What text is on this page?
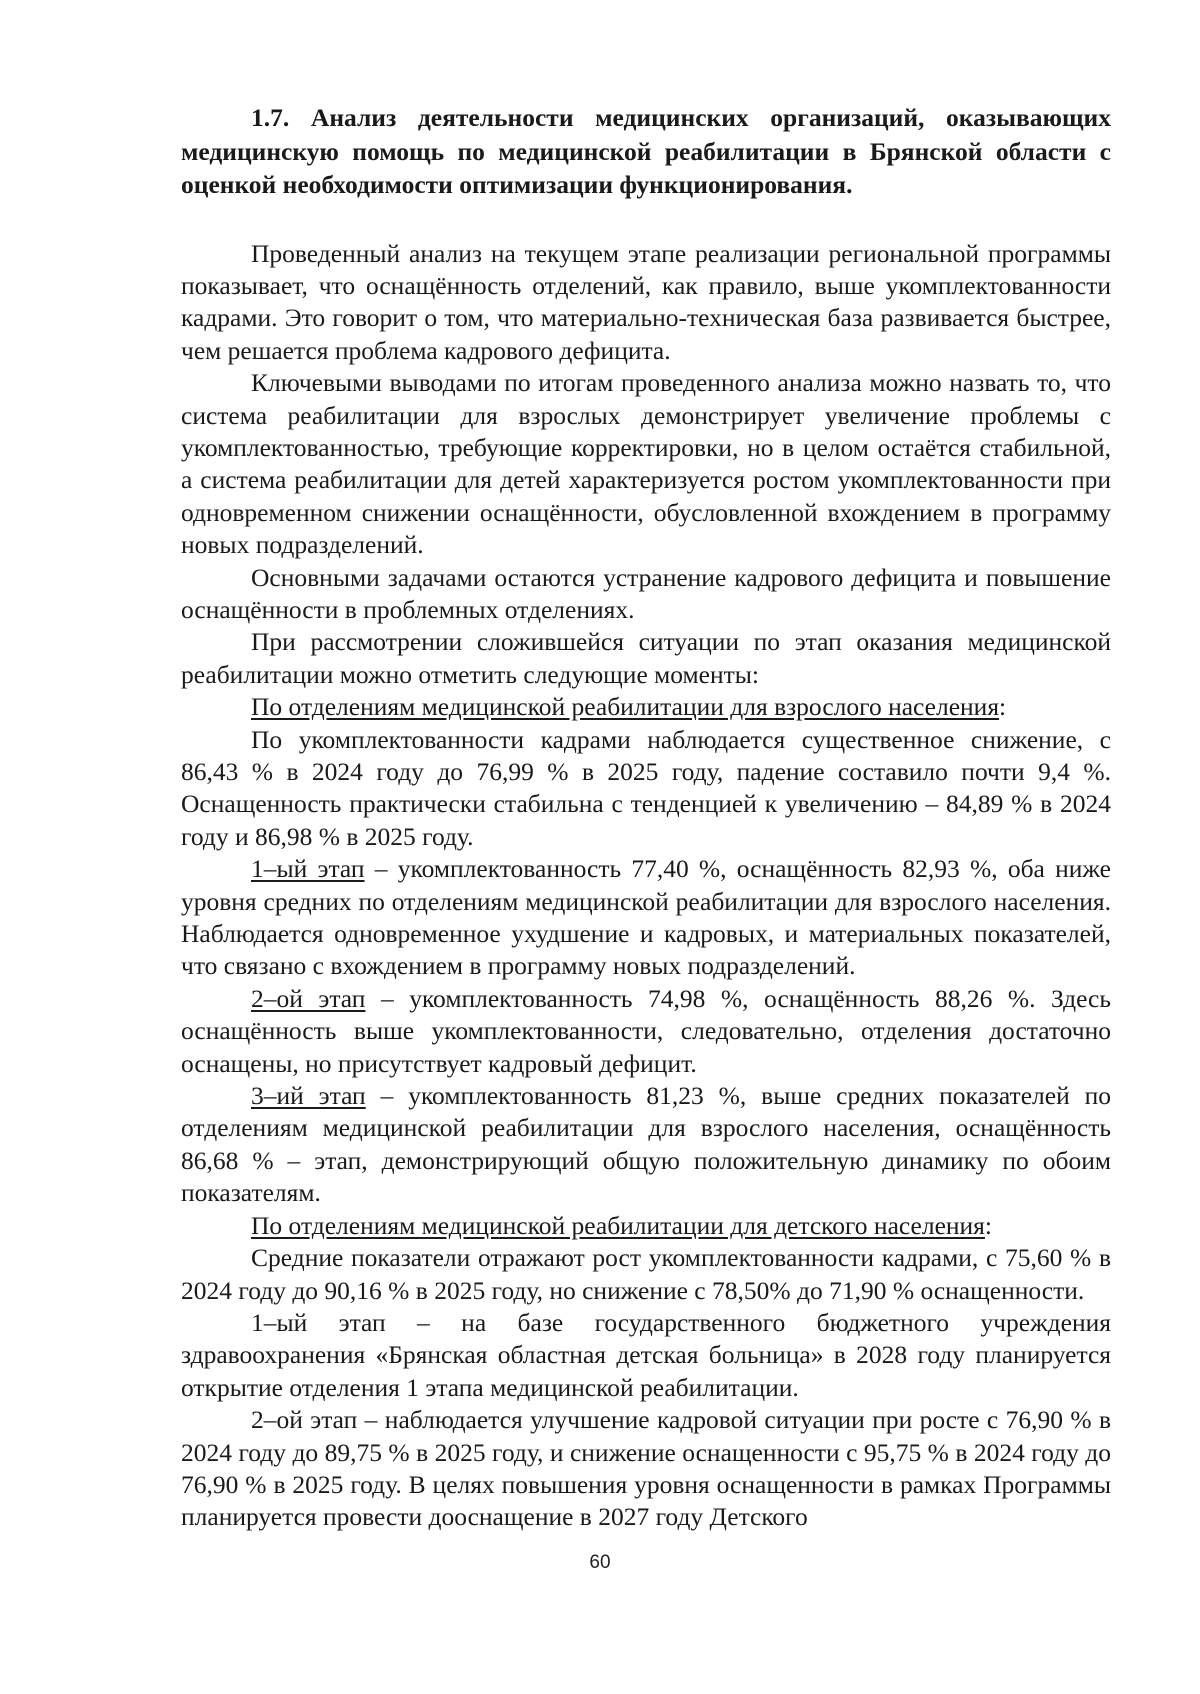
1.7. Анализ деятельности медицинских организаций, оказывающих медицинскую помощь по медицинской реабилитации в Брянской области с оценкой необходимости оптимизации функционирования.

Проведенный анализ на текущем этапе реализации региональной программы показывает, что оснащённость отделений, как правило, выше укомплектованности кадрами. Это говорит о том, что материально-техническая база развивается быстрее, чем решается проблема кадрового дефицита.

Ключевыми выводами по итогам проведенного анализа можно назвать то, что система реабилитации для взрослых демонстрирует увеличение проблемы с укомплектованностью, требующие корректировки, но в целом остаётся стабильной, а система реабилитации для детей характеризуется ростом укомплектованности при одновременном снижении оснащённости, обусловленной вхождением в программу новых подразделений.

Основными задачами остаются устранение кадрового дефицита и повышение оснащённости в проблемных отделениях.

При рассмотрении сложившейся ситуации по этап оказания медицинской реабилитации можно отметить следующие моменты:

По отделениям медицинской реабилитации для взрослого населения:

По укомплектованности кадрами наблюдается существенное снижение, с 86,43 % в 2024 году до 76,99 % в 2025 году, падение составило почти 9,4 %. Оснащенность практически стабильна с тенденцией к увеличению – 84,89 % в 2024 году и 86,98 % в 2025 году.

1–ый этап – укомплектованность 77,40 %, оснащённость 82,93 %, оба ниже уровня средних по отделениям медицинской реабилитации для взрослого населения. Наблюдается одновременное ухудшение и кадровых, и материальных показателей, что связано с вхождением в программу новых подразделений.

2–ой этап – укомплектованность 74,98 %, оснащённость 88,26 %. Здесь оснащённость выше укомплектованности, следовательно, отделения достаточно оснащены, но присутствует кадровый дефицит.

3–ий этап – укомплектованность 81,23 %, выше средних показателей по отделениям медицинской реабилитации для взрослого населения, оснащённость 86,68 % – этап, демонстрирующий общую положительную динамику по обоим показателям.

По отделениям медицинской реабилитации для детского населения:

Средние показатели отражают рост укомплектованности кадрами, с 75,60 % в 2024 году до 90,16 % в 2025 году, но снижение с 78,50% до 71,90 % оснащенности.

1–ый этап – на базе государственного бюджетного учреждения здравоохранения «Брянская областная детская больница» в 2028 году планируется открытие отделения 1 этапа медицинской реабилитации.

2–ой этап – наблюдается улучшение кадровой ситуации при росте с 76,90 % в 2024 году до 89,75 % в 2025 году, и снижение оснащенности с 95,75 % в 2024 году до 76,90 % в 2025 году. В целях повышения уровня оснащенности в рамках Программы планируется провести дооснащение в 2027 году Детского

60
